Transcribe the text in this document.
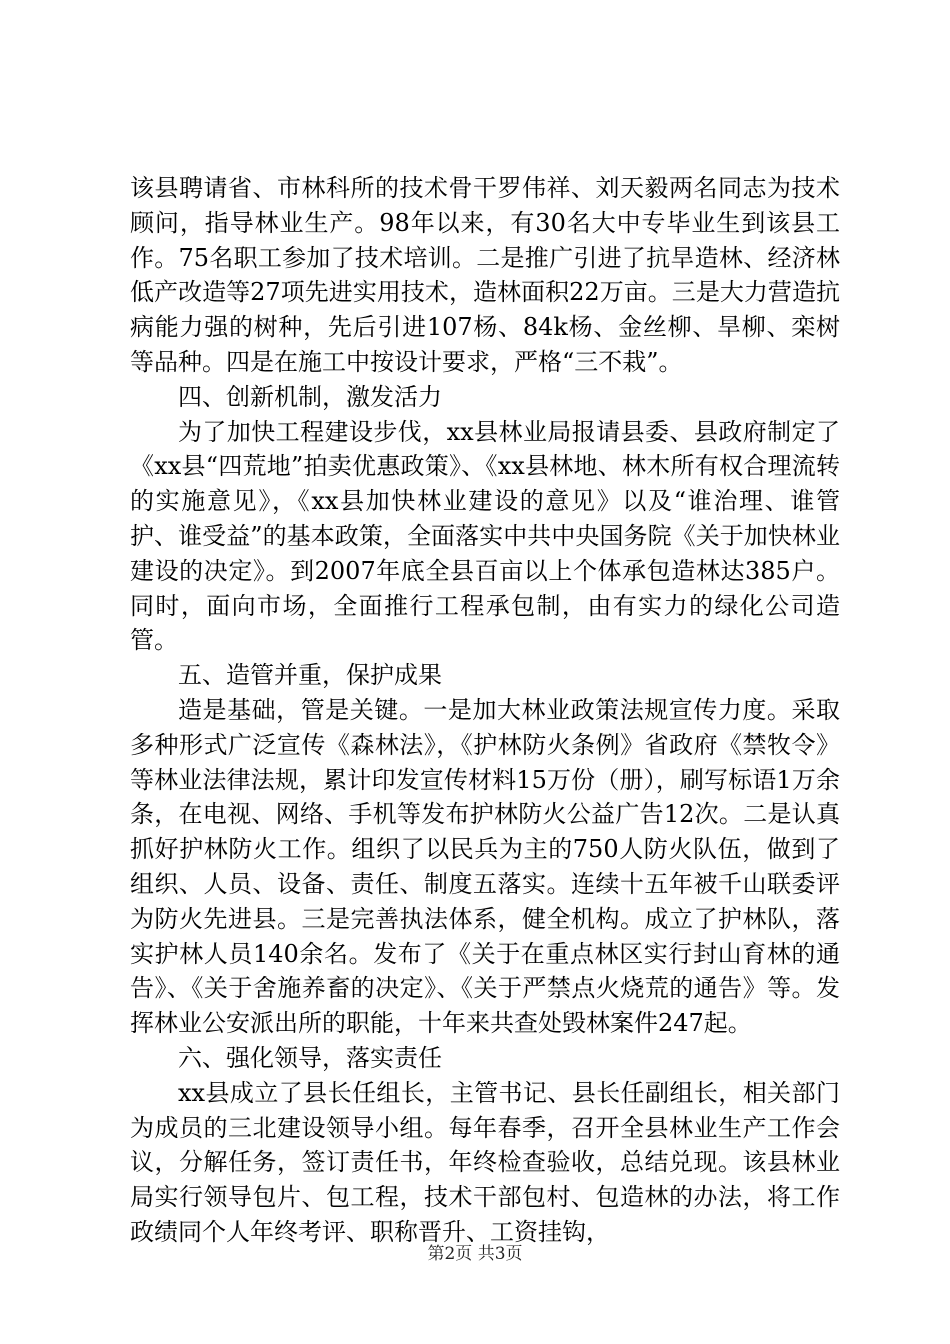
该县聘请省、市林科所的技术骨干罗伟祥、刘天毅两名同志为技术顾问，指导林业生产。98年以来，有30名大中专毕业生到该县工作。75名职工参加了技术培训。二是推广引进了抗旱造林、经济林低产改造等27项先进实用技术，造林面积22万亩。三是大力营造抗病能力强的树种，先后引进107杨、84k杨、金丝柳、旱柳、栾树等品种。四是在施工中按设计要求，严格“三不栽”。

四、创新机制，激发活力

为了加快工程建设步伐，xx县林业局报请县委、县政府制定了《xx县“四荒地”拍卖优惠政策》、《xx县林地、林木所有权合理流转的实施意见》，《xx县加快林业建设的意见》以及“谁治理、谁管护、谁受益”的基本政策，全面落实中共中央国务院《关于加快林业建设的决定》。到2007年底全县百亩以上个体承包造林达385户。同时，面向市场，全面推行工程承包制，由有实力的绿化公司造管。

五、造管并重，保护成果

造是基础，管是关键。一是加大林业政策法规宣传力度。采取多种形式广泛宣传《森林法》，《护林防火条例》省政府《禁牧令》等林业法律法规，累计印发宣传材料15万份（册），刷写标语1万余条，在电视、网络、手机等发布护林防火公益广告12次。二是认真抓好护林防火工作。组织了以民兵为主的750人防火队伍，做到了组织、人员、设备、责任、制度五落实。连续十五年被千山联委评为防火先进县。三是完善执法体系，健全机构。成立了护林队，落实护林人员140余名。发布了《关于在重点林区实行封山育林的通告》、《关于舍施养畜的决定》、《关于严禁点火烧荒的通告》等。发挥林业公安派出所的职能，十年来共查处毁林案件247起。

六、强化领导，落实责任

xx县成立了县长任组长，主管书记、县长任副组长，相关部门为成员的三北建设领导小组。每年春季，召开全县林业生产工作会议，分解任务，签订责任书，年终检查验收，总结兑现。该县林业局实行领导包片、包工程，技术干部包村、包造林的办法，将工作政绩同个人年终考评、职称晋升、工资挂钩，

第2页 共3页
